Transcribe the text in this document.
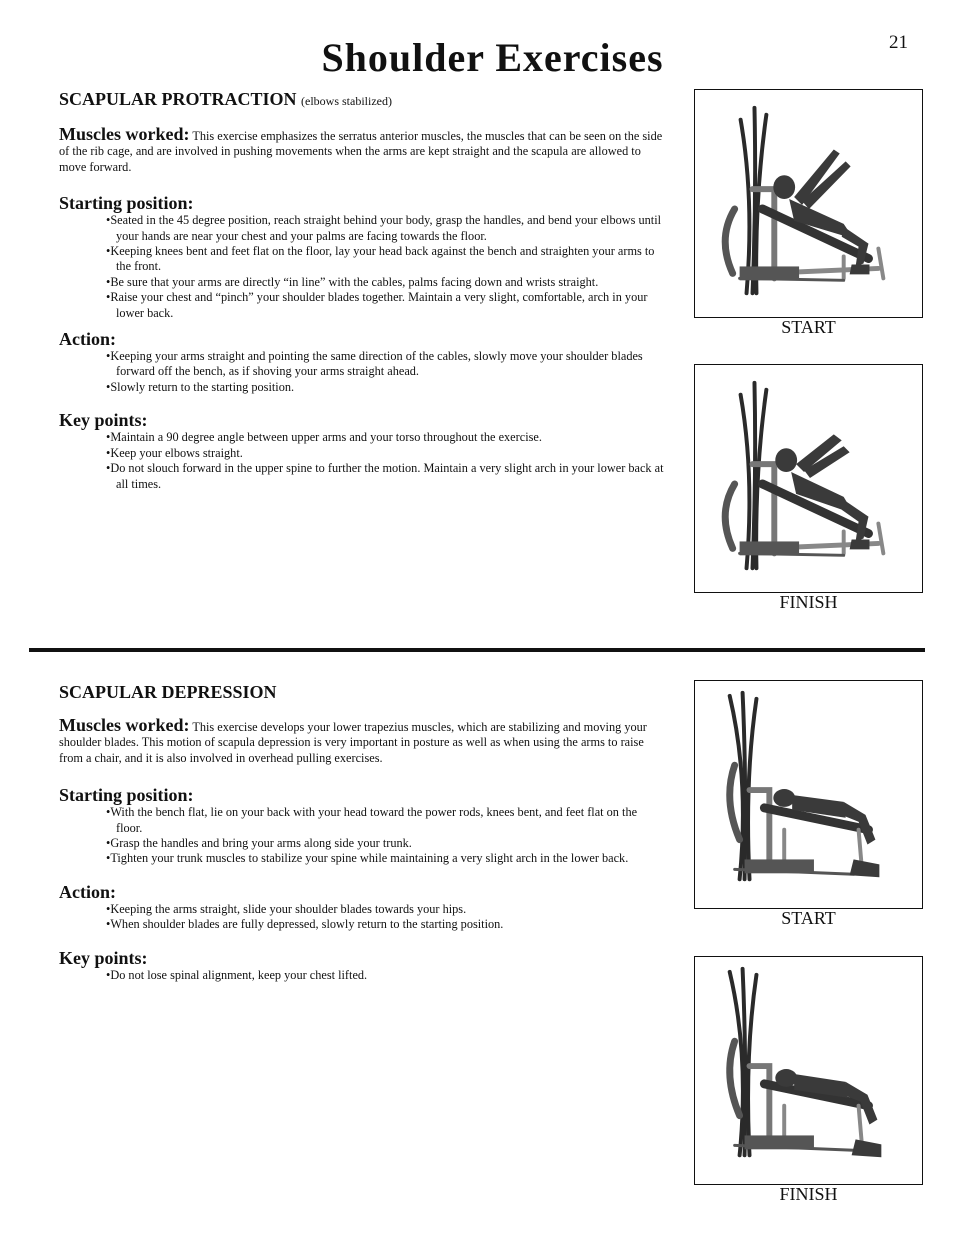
21
Shoulder Exercises

SCAPULAR PROTRACTION (elbows stabilized)

Muscles worked: This exercise emphasizes the serratus anterior muscles, the muscles that can be seen on the side of the rib cage, and are involved in pushing movements when the arms are kept straight and the scapula are allowed to move forward.

Starting position:

• Seated in the 45 degree position, reach straight behind your body, grasp the handles, and bend your elbows until your hands are near your chest and your palms are facing towards the floor.
• Keeping knees bent and feet flat on the floor, lay your head back against the bench and straighten your arms to the front.
• Be sure that your arms are directly “in line” with the cables, palms facing down and wrists straight.
• Raise your chest and “pinch” your shoulder blades together. Maintain a very slight, comfortable, arch in your lower back.

Action:

• Keeping your arms straight and pointing the same direction of the cables, slowly move your shoulder blades forward off the bench, as if shoving your arms straight ahead.
• Slowly return to the starting position.

Key points:

• Maintain a 90 degree angle between upper arms and your torso throughout the exercise.
• Keep your elbows straight.
• Do not slouch forward in the upper spine to further the motion. Maintain a very slight arch in your lower back at all times.
START
FINISH

SCAPULAR DEPRESSION

Muscles worked: This exercise develops your lower trapezius muscles, which are stabilizing and moving your shoulder blades. This motion of scapula depression is very important in posture as well as when using the arms to raise from a chair, and it is also involved in overhead pulling exercises.

Starting position:

• With the bench flat, lie on your back with your head toward the power rods, knees bent, and feet flat on the floor.
• Grasp the handles and bring your arms along side your trunk.
• Tighten your trunk muscles to stabilize your spine while maintaining a very slight arch in the lower back.

Action:

• Keeping the arms straight, slide your shoulder blades towards your hips.
• When shoulder blades are fully depressed, slowly return to the starting position.

Key points:

• Do not lose spinal alignment, keep your chest lifted.
START
FINISH
